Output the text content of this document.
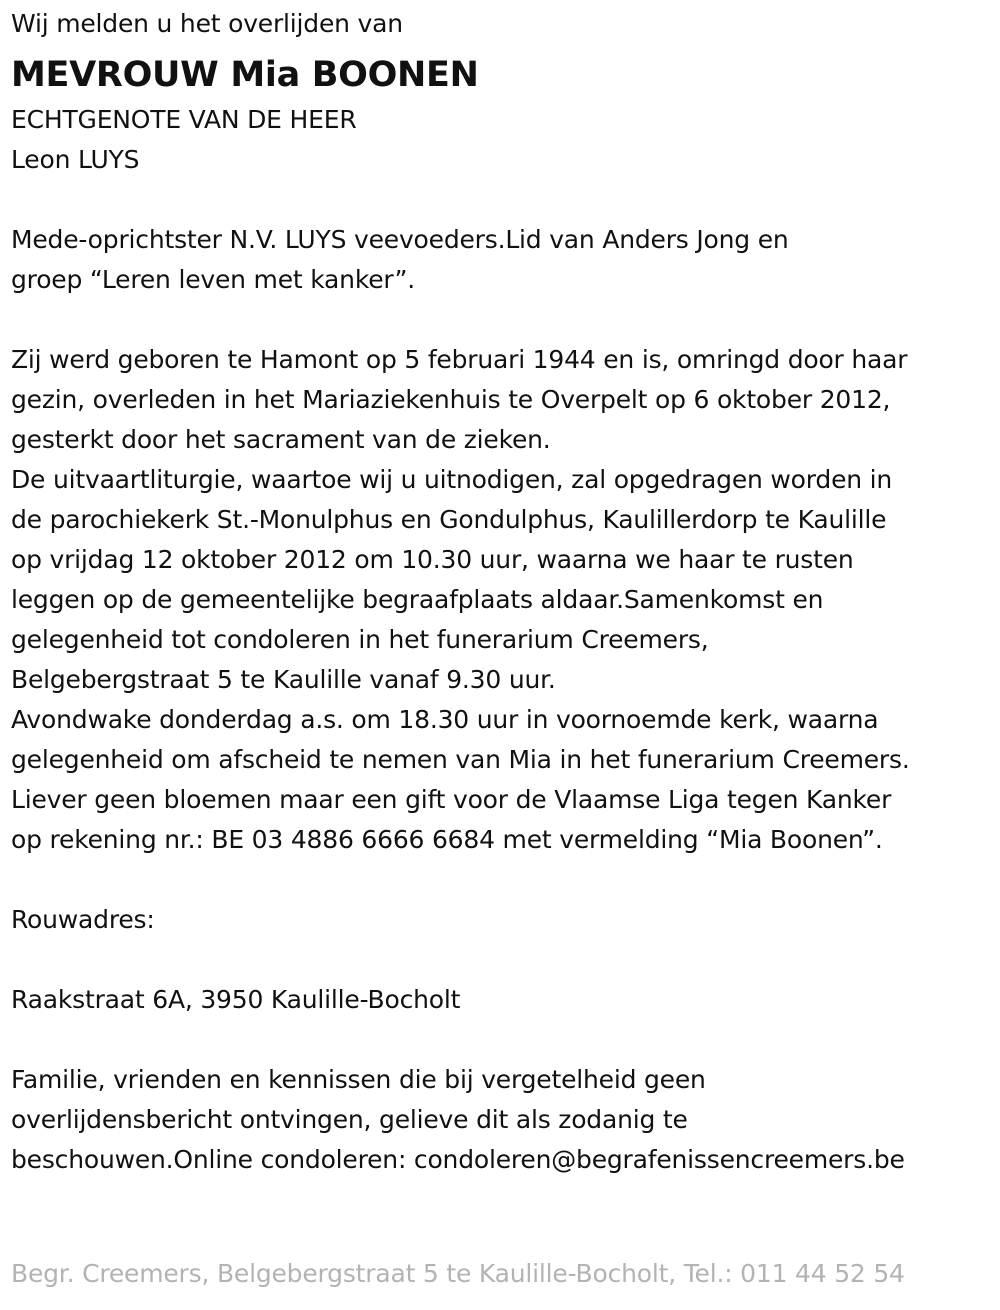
Wij melden u het overlijden van
MEVROUW Mia BOONEN
ECHTGENOTE VAN DE HEER
Leon LUYS
Mede-oprichtster N.V. LUYS veevoeders.Lid van Anders Jong en
groep “Leren leven met kanker”.
Zij werd geboren te Hamont op 5 februari 1944 en is, omringd door haar
gezin, overleden in het Mariaziekenhuis te Overpelt op 6 oktober 2012,
gesterkt door het sacrament van de zieken.
De uitvaartliturgie, waartoe wij u uitnodigen, zal opgedragen worden in
de parochiekerk St.-Monulphus en Gondulphus, Kaulillerdorp te Kaulille
op vrijdag 12 oktober 2012 om 10.30 uur, waarna we haar te rusten
leggen op de gemeentelijke begraafplaats aldaar.Samenkomst en
gelegenheid tot condoleren in het funerarium Creemers,
Belgebergstraat 5 te Kaulille vanaf 9.30 uur.
Avondwake donderdag a.s. om 18.30 uur in voornoemde kerk, waarna
gelegenheid om afscheid te nemen van Mia in het funerarium Creemers.
Liever geen bloemen maar een gift voor de Vlaamse Liga tegen Kanker
op rekening nr.: BE 03 4886 6666 6684 met vermelding “Mia Boonen”.
Rouwadres:
Raakstraat 6A, 3950 Kaulille-Bocholt
Familie, vrienden en kennissen die bij vergetelheid geen
overlijdensbericht ontvingen, gelieve dit als zodanig te
beschouwen.Online condoleren: condoleren@begrafenissencreemers.be
Begr. Creemers, Belgebergstraat 5 te Kaulille-Bocholt, Tel.: 011 44 52 54
